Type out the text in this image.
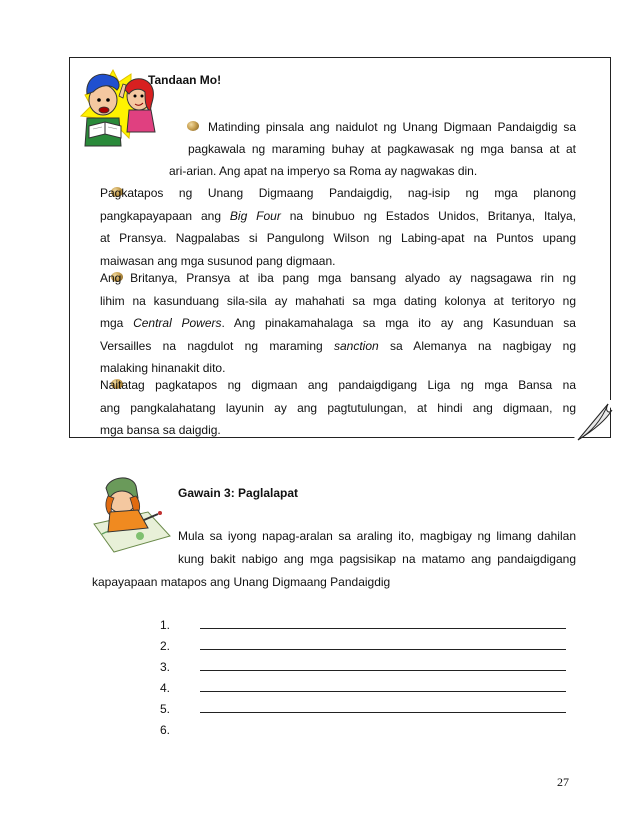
Tandaan Mo!

Matinding pinsala ang naidulot ng Unang Digmaan Pandaigdig sa

pagkawala ng maraming buhay at pagkawasak ng mga bansa at at

ari-arian. Ang apat na imperyo sa Roma ay nagwakas din.

Pagkatapos ng Unang Digmaang Pandaigdig, nag-isip ng mga planong

pangkapayapaan ang Big Four na binubuo ng Estados Unidos, Britanya, Italya,

at Pransya. Nagpalabas si Pangulong Wilson ng Labing-apat na Puntos upang

maiwasan ang mga susunod pang digmaan.

Ang Britanya, Pransya at iba pang mga bansang alyado ay nagsagawa rin ng

lihim na kasunduang sila-sila ay mahahati sa mga dating kolonya at teritoryo ng

mga Central Powers. Ang pinakamahalaga sa mga ito ay ang Kasunduan sa

Versailles na nagdulot ng maraming sanction sa Alemanya na nagbigay ng

malaking hinanakit dito.

Naitatag pagkatapos ng digmaan ang pandaigdigang Liga ng mga Bansa na

ang pangkalahatang layunin ay ang pagtutulungan, at hindi ang digmaan, ng

mga bansa sa daigdig.

Gawain 3: Paglalapat

Mula sa iyong napag-aralan sa araling ito, magbigay ng limang dahilan

kung bakit nabigo ang mga pagsisikap na matamo ang pandaigdigang

kapayapaan matapos ang Unang Digmaang Pandaigdig
1.
2.
3.
4.
5.
6.
27
